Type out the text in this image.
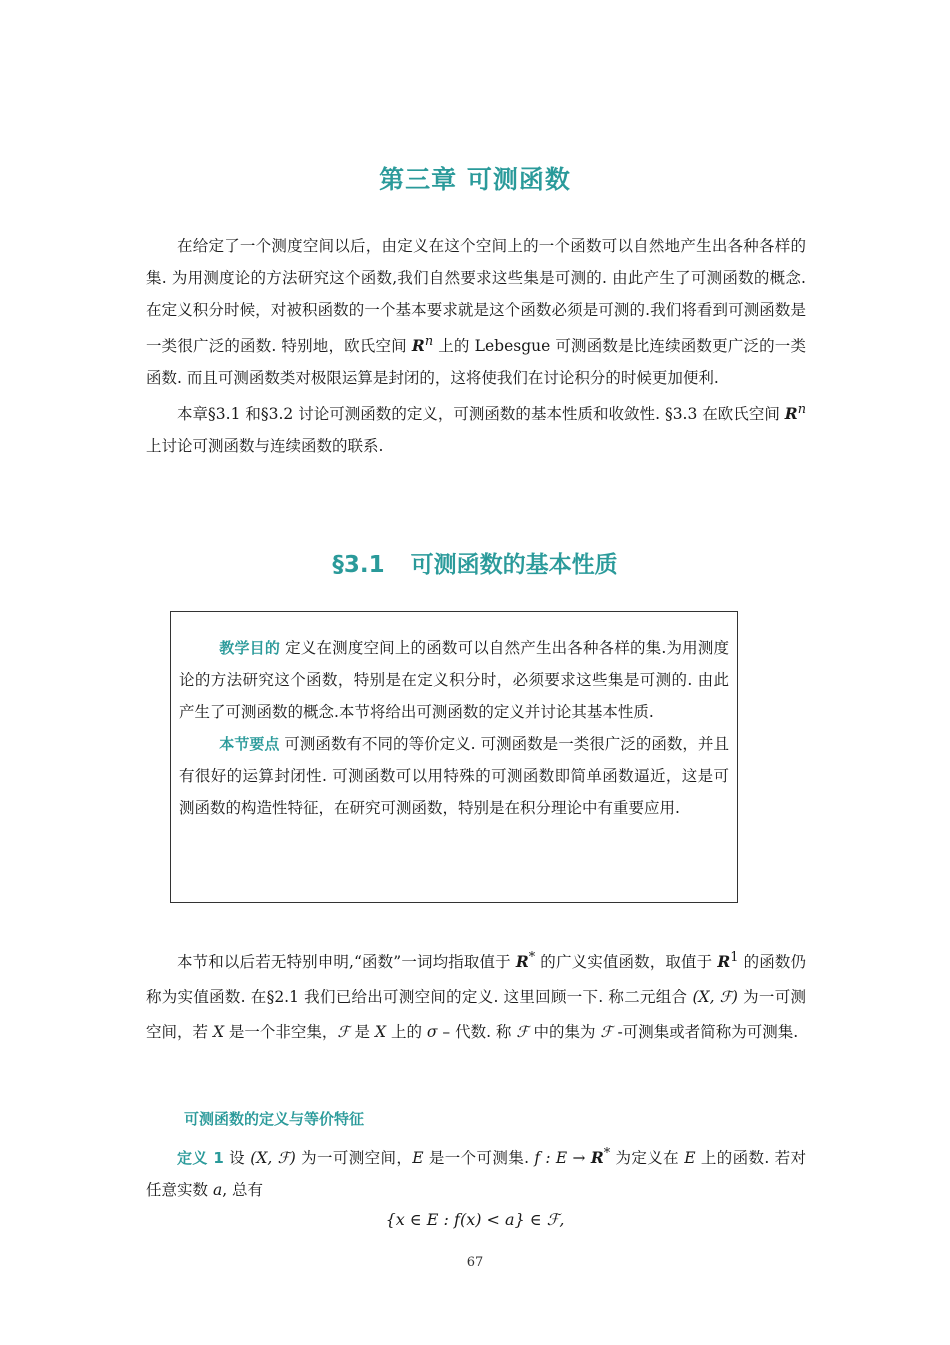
第三章 可测函数

在给定了一个测度空间以后，由定义在这个空间上的一个函数可以自然地产生出各种各样的集. 为用测度论的方法研究这个函数,我们自然要求这些集是可测的. 由此产生了可测函数的概念.在定义积分时候，对被积函数的一个基本要求就是这个函数必须是可测的.我们将看到可测函数是一类很广泛的函数. 特别地，欧氏空间 $R^n$ 上的 Lebesgue 可测函数是比连续函数更广泛的一类函数. 而且可测函数类对极限运算是封闭的，这将使我们在讨论积分的时候更加便利.

本章§3.1 和§3.2 讨论可测函数的定义，可测函数的基本性质和收敛性. §3.3 在欧氏空间 $R^n$ 上讨论可测函数与连续函数的联系.

§3.1 可测函数的基本性质

教学目的 定义在测度空间上的函数可以自然产生出各种各样的集.为用测度论的方法研究这个函数，特别是在定义积分时，必须要求这些集是可测的. 由此产生了可测函数的概念.本节将给出可测函数的定义并讨论其基本性质.

本节要点 可测函数有不同的等价定义. 可测函数是一类很广泛的函数，并且有很好的运算封闭性. 可测函数可以用特殊的可测函数即简单函数逼近，这是可测函数的构造性特征，在研究可测函数，特别是在积分理论中有重要应用.

本节和以后若无特别申明,“函数”一词均指取值于 R* 的广义实值函数，取值于 $R^1$ 的函数仍称为实值函数. 在§2.1 我们已给出可测空间的定义. 这里回顾一下. 称二元组合 (X, ℱ) 为一可测空间，若 X 是一个非空集，ℱ 是 X 上的 σ – 代数. 称 ℱ 中的集为 ℱ -可测集或者简称为可测集.

可测函数的定义与等价特征

定义 1 设 (X, ℱ) 为一可测空间，E 是一个可测集. f : E → R* 为定义在 E 上的函数. 若对任意实数 a, 总有

{x ∈ E : f(x) < a} ∈ ℱ,
67
